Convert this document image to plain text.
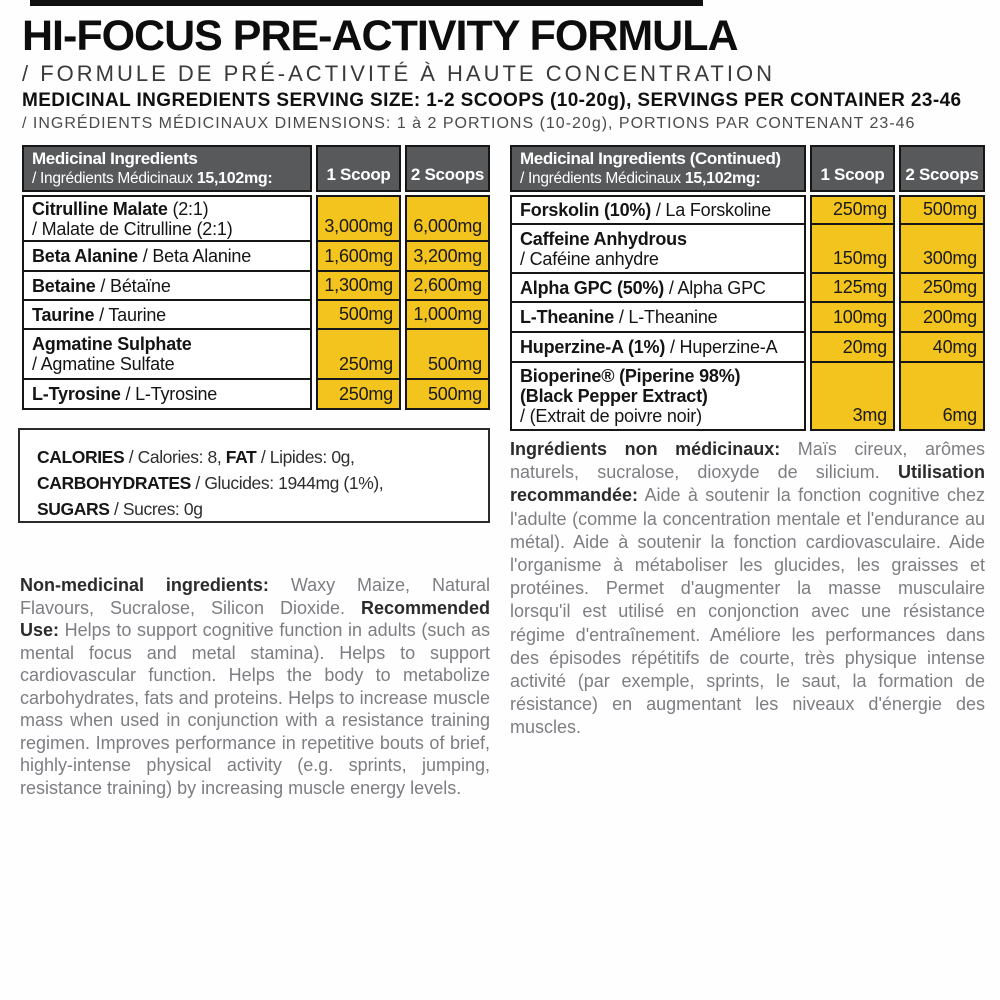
HI-FOCUS PRE-ACTIVITY FORMULA
/ FORMULE DE PRÉ-ACTIVITÉ À HAUTE CONCENTRATION
MEDICINAL INGREDIENTS SERVING SIZE: 1-2 SCOOPS (10-20g), SERVINGS PER CONTAINER 23-46
/ INGRÉDIENTS MÉDICINAUX DIMENSIONS: 1 à 2 PORTIONS (10-20g), PORTIONS PAR CONTENANT 23-46
Medicinal Ingredients
/ Ingrédients Médicinaux 15,102mg:	1 Scoop	2 Scoops
Citrulline Malate (2:1)
/ Malate de Citrulline (2:1)	3,000mg	6,000mg
Beta Alanine / Beta Alanine	1,600mg	3,200mg
Betaine / Bétaïne	1,300mg	2,600mg
Taurine / Taurine	500mg	1,000mg
Agmatine Sulphate
/ Agmatine Sulfate	250mg	500mg
L-Tyrosine / L-Tyrosine	250mg	500mg
Medicinal Ingredients (Continued)
/ Ingrédients Médicinaux 15,102mg:	1 Scoop	2 Scoops
Forskolin (10%) / La Forskoline	250mg	500mg
Caffeine Anhydrous
/ Caféine anhydre	150mg	300mg
Alpha GPC (50%) / Alpha GPC	125mg	250mg
L-Theanine / L-Theanine	100mg	200mg
Huperzine-A (1%) / Huperzine-A	20mg	40mg
Bioperine® (Piperine 98%)
(Black Pepper Extract)
/ (Extrait de poivre noir)	3mg	6mg
CALORIES / Calories: 8, FAT / Lipides: 0g,
CARBOHYDRATES / Glucides: 1944mg (1%),
SUGARS / Sucres: 0g

Non-medicinal ingredients: Waxy Maize, Natural Flavours, Sucralose, Silicon Dioxide. Recommended Use: Helps to support cognitive function in adults (such as mental focus and metal stamina). Helps to support cardiovascular function. Helps the body to metabolize carbohydrates, fats and proteins. Helps to increase muscle mass when used in conjunction with a resistance training regimen. Improves performance in repetitive bouts of brief, highly-intense physical activity (e.g. sprints, jumping, resistance training) by increasing muscle energy levels.

Ingrédients non médicinaux: Maïs cireux, arômes naturels, sucralose, dioxyde de silicium. Utilisation recommandée: Aide à soutenir la fonction cognitive chez l'adulte (comme la concentration mentale et l'endurance au métal). Aide à soutenir la fonction cardiovasculaire. Aide l'organisme à métaboliser les glucides, les graisses et protéines. Permet d'augmenter la masse musculaire lorsqu'il est utilisé en conjonction avec une résistance régime d'entraînement. Améliore les performances dans des épisodes répétitifs de courte, très physique intense activité (par exemple, sprints, le saut, la formation de résistance) en augmentant les niveaux d'énergie des muscles.
